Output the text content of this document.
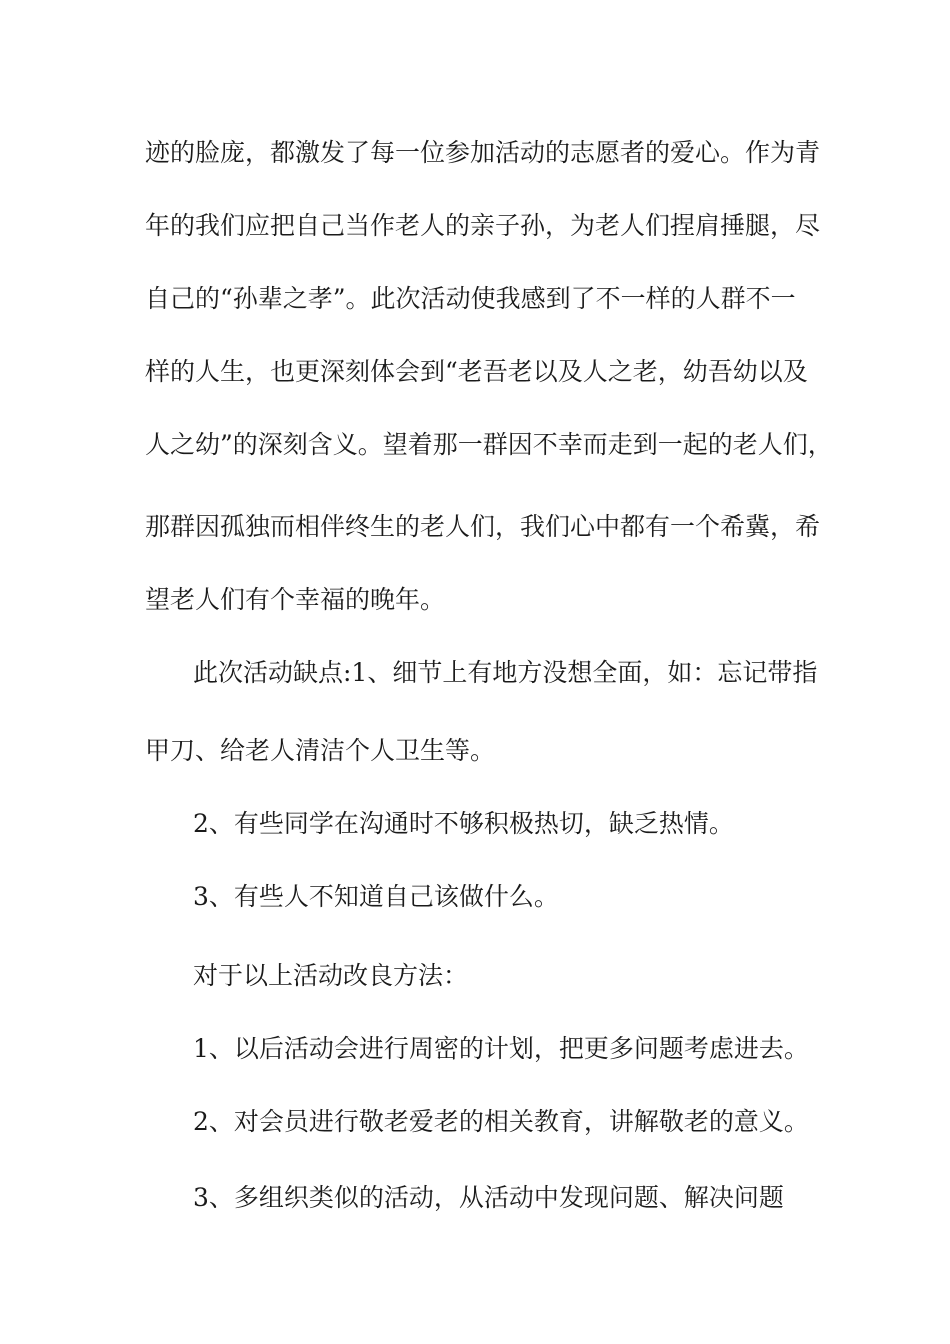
迹的脸庞，都激发了每一位参加活动的志愿者的爱心。作为青
年的我们应把自己当作老人的亲子孙，为老人们捏肩捶腿，尽
自己的“孙辈之孝”。此次活动使我感到了不一样的人群不一
样的人生，也更深刻体会到“老吾老以及人之老，幼吾幼以及
人之幼”的深刻含义。望着那一群因不幸而走到一起的老人们，
那群因孤独而相伴终生的老人们，我们心中都有一个希冀，希
望老人们有个幸福的晚年。
此次活动缺点:1、细节上有地方没想全面，如：忘记带指
甲刀、给老人清洁个人卫生等。
2、有些同学在沟通时不够积极热切，缺乏热情。
3、有些人不知道自己该做什么。
对于以上活动改良方法：
1、以后活动会进行周密的计划，把更多问题考虑进去。
2、对会员进行敬老爱老的相关教育，讲解敬老的意义。
3、多组织类似的活动，从活动中发现问题、解决问题
